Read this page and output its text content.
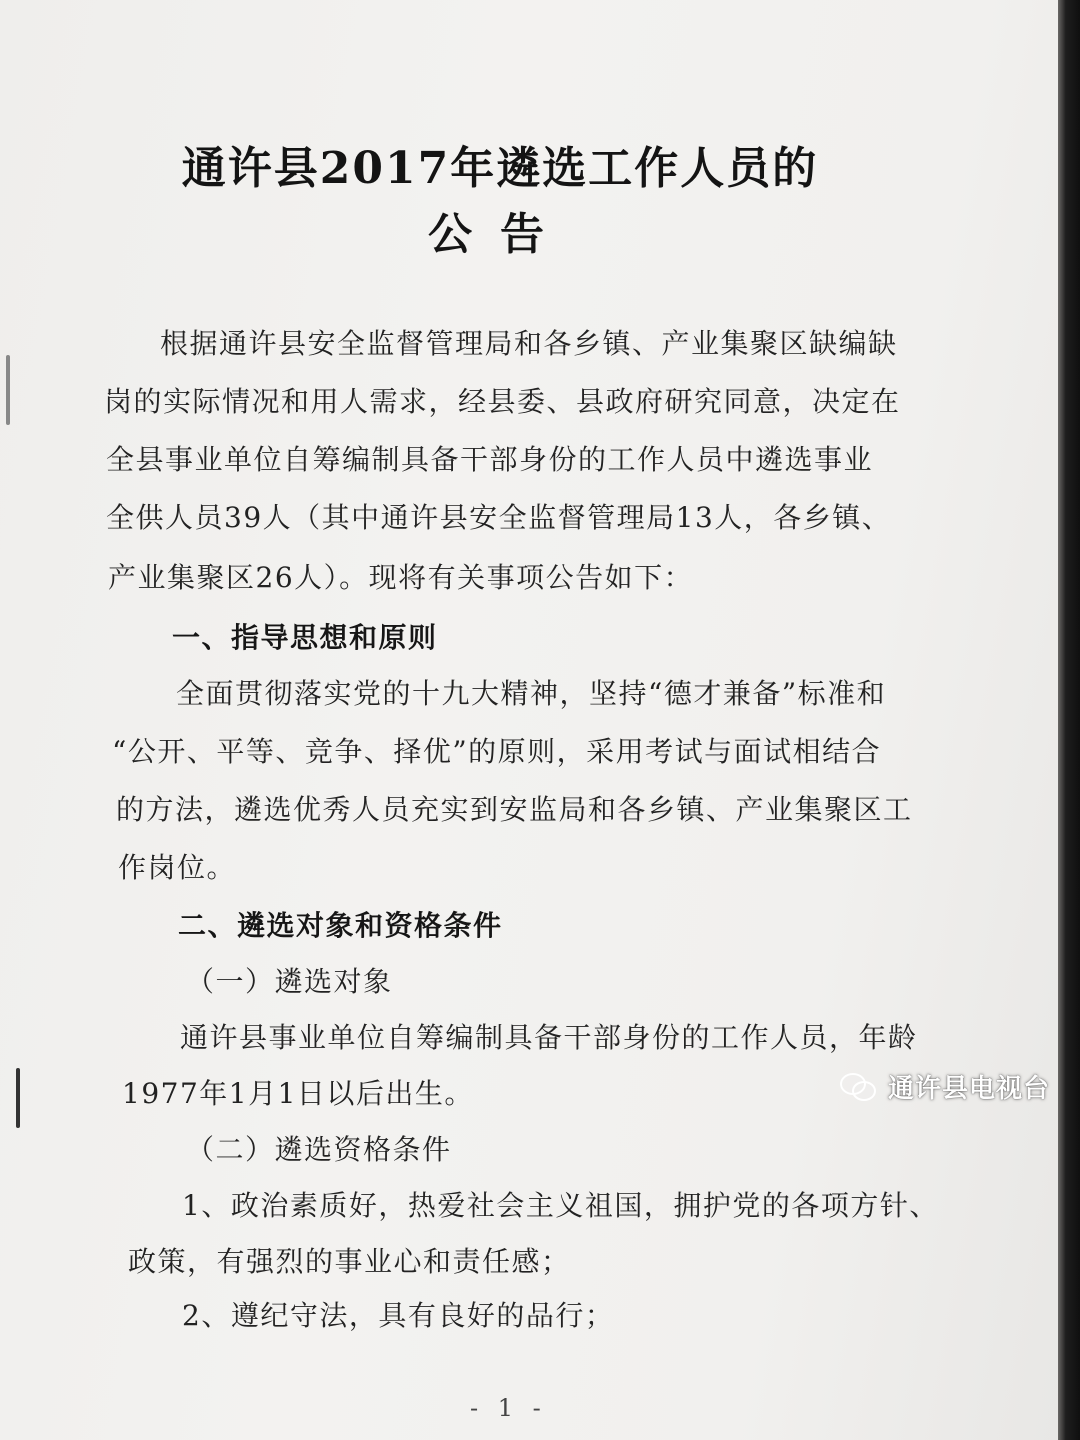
通许县2017年遴选工作人员的
公告
根据通许县安全监督管理局和各乡镇、产业集聚区缺编缺
岗的实际情况和用人需求，经县委、县政府研究同意，决定在
全县事业单位自筹编制具备干部身份的工作人员中遴选事业
全供人员39人（其中通许县安全监督管理局13人，各乡镇、
产业集聚区26人）。现将有关事项公告如下：
一、指导思想和原则
全面贯彻落实党的十九大精神，坚持“德才兼备”标准和
“公开、平等、竞争、择优”的原则，采用考试与面试相结合
的方法，遴选优秀人员充实到安监局和各乡镇、产业集聚区工
作岗位。
二、遴选对象和资格条件
（一）遴选对象
通许县事业单位自筹编制具备干部身份的工作人员，年龄
1977年1月1日以后出生。
（二）遴选资格条件
1、政治素质好，热爱社会主义祖国，拥护党的各项方针、
政策，有强烈的事业心和责任感；
2、遵纪守法，具有良好的品行；
- 1 -
通许县电视台
